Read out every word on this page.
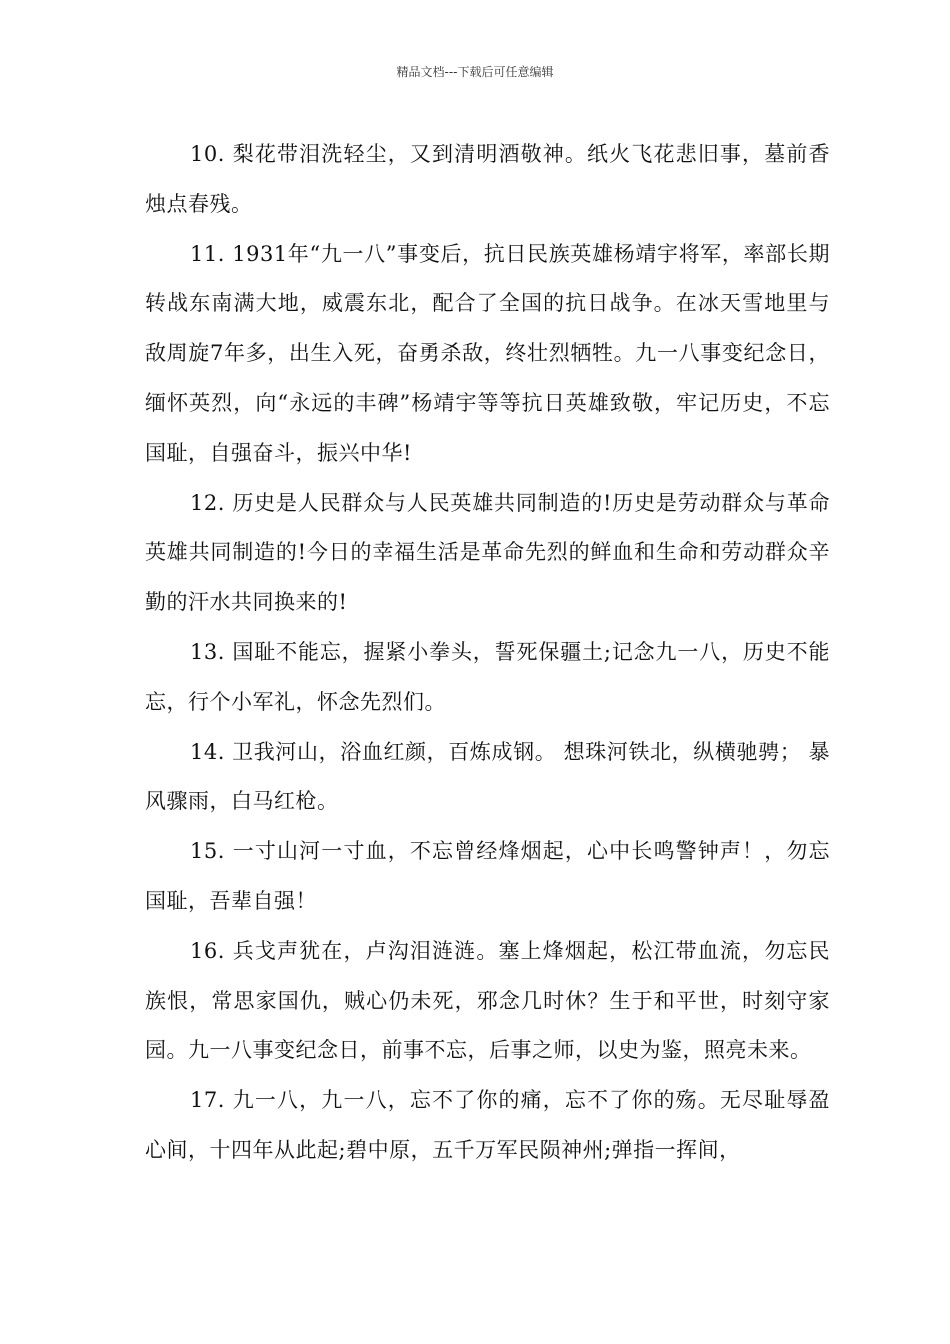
精品文档---下载后可任意编辑

10. 梨花带泪洗轻尘，又到清明酒敬神。纸火飞花悲旧事，墓前香烛点春残。

11. 1931年“九一八”事变后，抗日民族英雄杨靖宇将军，率部长期转战东南满大地，威震东北，配合了全国的抗日战争。在冰天雪地里与敌周旋7年多，出生入死，奋勇杀敌，终壮烈牺牲。九一八事变纪念日，缅怀英烈，向“永远的丰碑”杨靖宇等等抗日英雄致敬，牢记历史，不忘国耻，自强奋斗，振兴中华!

12. 历史是人民群众与人民英雄共同制造的!历史是劳动群众与革命英雄共同制造的!今日的幸福生活是革命先烈的鲜血和生命和劳动群众辛勤的汗水共同换来的!

13. 国耻不能忘，握紧小拳头，誓死保疆土;记念九一八，历史不能忘，行个小军礼，怀念先烈们。

14. 卫我河山，浴血红颜，百炼成钢。 想珠河铁北，纵横驰骋； 暴风骤雨，白马红枪。

15. 一寸山河一寸血，不忘曾经烽烟起，心中长鸣警钟声！，勿忘国耻，吾辈自强！

16. 兵戈声犹在，卢沟泪涟涟。塞上烽烟起，松江带血流，勿忘民族恨，常思家国仇，贼心仍未死，邪念几时休？生于和平世，时刻守家园。九一八事变纪念日，前事不忘，后事之师，以史为鉴，照亮未来。

17. 九一八，九一八，忘不了你的痛，忘不了你的殇。无尽耻辱盈心间，十四年从此起;碧中原，五千万军民陨神州;弹指一挥间，
